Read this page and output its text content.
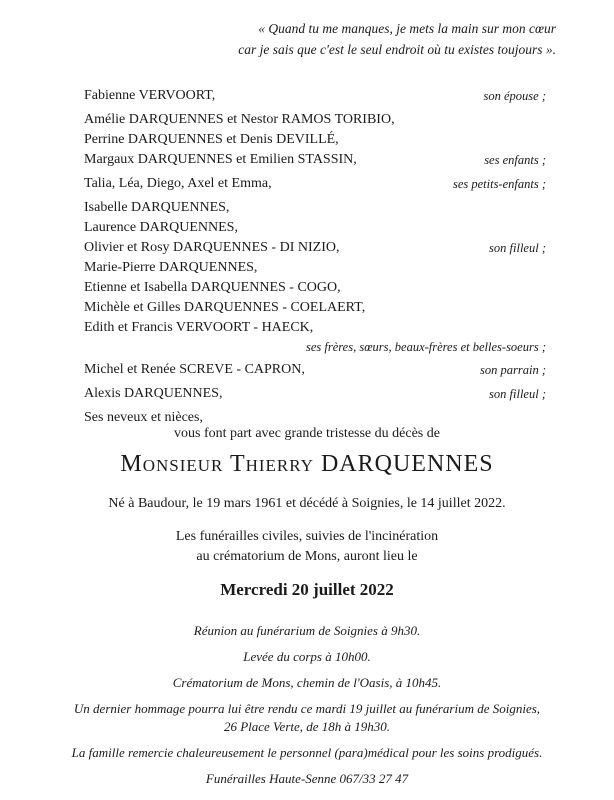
« Quand tu me manques, je mets la main sur mon cœur
car je sais que c'est le seul endroit où tu existes toujours ».
Fabienne VERVOORT,	son épouse ;
Amélie DARQUENNES et Nestor RAMOS TORIBIO,
Perrine DARQUENNES et Denis DEVILLÉ,
Margaux DARQUENNES et Emilien STASSIN,	ses enfants ;
Talia, Léa, Diego, Axel et Emma,	ses petits-enfants ;
Isabelle DARQUENNES,
Laurence DARQUENNES,
Olivier et Rosy DARQUENNES - DI NIZIO,	son filleul ;
Marie-Pierre DARQUENNES,
Etienne et Isabella DARQUENNES - COGO,
Michèle et Gilles DARQUENNES - COELAERT,
Edith et Francis VERVOORT - HAECK,
ses frères, sœurs, beaux-frères et belles-soeurs ;
Michel et Renée SCREVE - CAPRON,	son parrain ;
Alexis DARQUENNES,	son filleul ;
Ses neveux et nièces,
vous font part avec grande tristesse du décès de
Monsieur Thierry DARQUENNES
Né à Baudour, le 19 mars 1961 et décédé à Soignies, le 14 juillet 2022.
Les funérailles civiles, suivies de l'incinération
au crématorium de Mons, auront lieu le
Mercredi 20 juillet 2022
Réunion au funérarium de Soignies à 9h30.
Levée du corps à 10h00.
Crématorium de Mons, chemin de l'Oasis, à 10h45.
Un dernier hommage pourra lui être rendu ce mardi 19 juillet au funérarium de Soignies,
26 Place Verte, de 18h à 19h30.
La famille remercie chaleureusement le personnel (para)médical pour les soins prodigués.
Funérailles Haute-Senne 067/33 27 47
